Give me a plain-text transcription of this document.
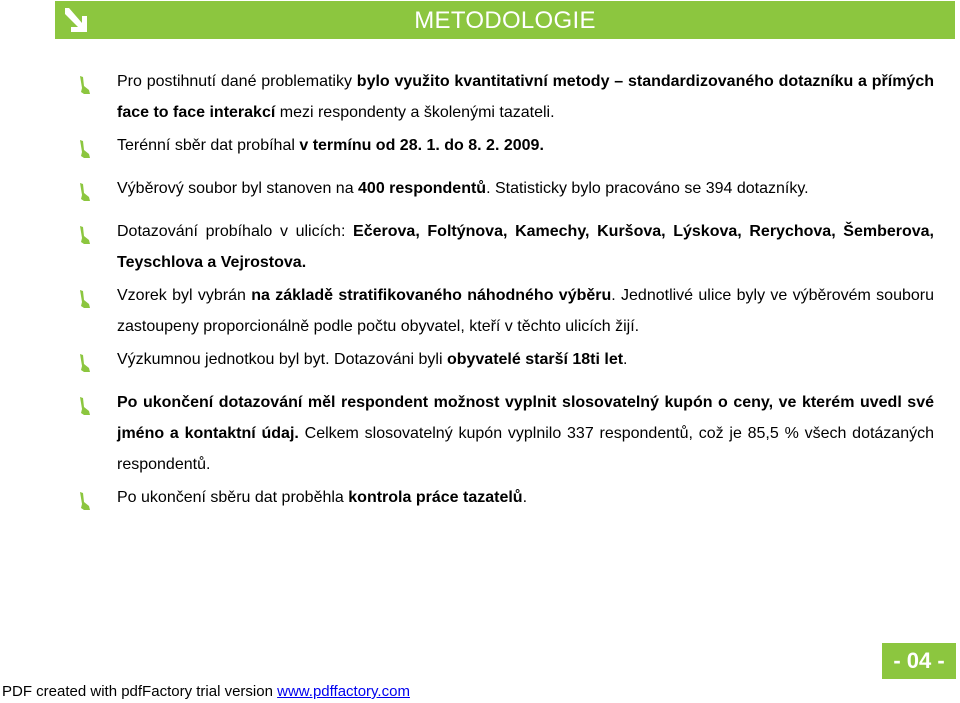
METODOLOGIE
Pro postihnutí dané problematiky bylo využito kvantitativní metody – standardizovaného dotazníku a přímých face to face interakcí mezi respondenty a školenými tazateli.
Terénní sběr dat probíhal v termínu od 28. 1. do 8. 2. 2009.
Výběrový soubor byl stanoven na 400 respondentů. Statisticky bylo pracováno se 394 dotazníky.
Dotazování probíhalo v ulicích: Ečerova, Foltýnova, Kamechy, Kuršova, Lýskova, Rerychova, Šemberova, Teyschlova a Vejrostova.
Vzorek byl vybrán na základě stratifikovaného náhodného výběru. Jednotlivé ulice byly ve výběrovém souboru zastoupeny proporcionálně podle počtu obyvatel, kteří v těchto ulicích žijí.
Výzkumnou jednotkou byl byt. Dotazováni byli obyvatelé starší 18ti let.
Po ukončení dotazování měl respondent možnost vyplnit slosovatelný kupón o ceny, ve kterém uvedl své jméno a kontaktní údaj. Celkem slosovatelný kupón vyplnilo 337 respondentů, což je 85,5 % všech dotázaných respondentů.
Po ukončení sběru dat proběhla kontrola práce tazatelů.
- 04 -
PDF created with pdfFactory trial version www.pdffactory.com
